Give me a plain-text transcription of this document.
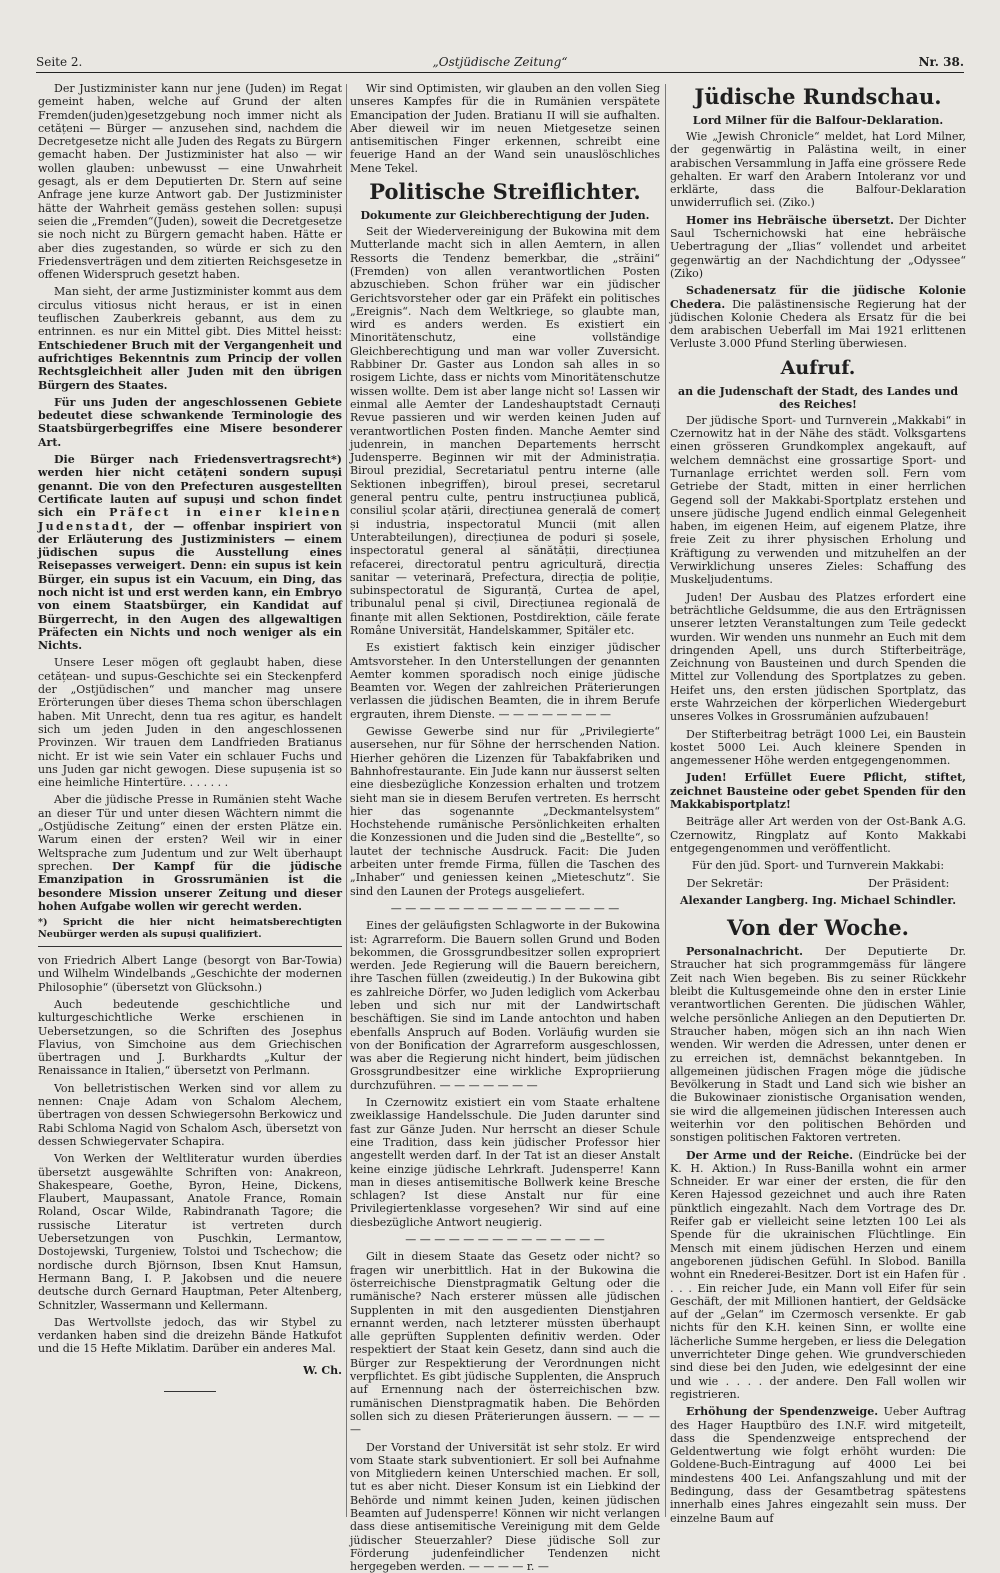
Seite 2.	„Ostjüdische Zeitung“	Nr. 38.

Der Justizminister kann nur jene (Juden) im Regat gemeint haben, welche auf Grund der alten Fremden(juden)gesetzgebung noch immer nicht als cetățeni — Bürger — anzusehen sind, nachdem die Decretgesetze nicht alle Juden des Regats zu Bürgern gemacht haben. Der Justizminister hat also — wir wollen glauben: unbewusst — eine Unwahrheit gesagt, als er dem Deputierten Dr. Stern auf seine Anfrage jene kurze Antwort gab. Der Justizminister hätte der Wahrheit gemäss gestehen sollen: supuși seien die „Fremden“(Juden), soweit die Decretgesetze sie noch nicht zu Bürgern gemacht haben. Hätte er aber dies zugestanden, so würde er sich zu den Friedensverträgen und dem zitierten Reichsgesetze in offenen Widerspruch gesetzt haben.

Man sieht, der arme Justizminister kommt aus dem circulus vitiosus nicht heraus, er ist in einen teuflischen Zauberkreis gebannt, aus dem zu entrinnen. es nur ein Mittel gibt. Dies Mittel heisst: Entschiedener Bruch mit der Vergangenheit und aufrichtiges Bekenntnis zum Princip der vollen Rechtsgleichheit aller Juden mit den übrigen Bürgern des Staates.

Für uns Juden der angeschlossenen Gebiete bedeutet diese schwankende Terminologie des Staatsbürgerbegriffes eine Misere besonderer Art.

Die Bürger nach Friedensvertragsrecht*) werden hier nicht cetățeni sondern supuși genannt. Die von den Prefecturen ausgestellten Certificate lauten auf supuși und schon findet sich ein Präfect in einer kleinen Judenstadt, der — offenbar inspiriert von der Erläuterung des Justizministers — einem jüdischen supus die Ausstellung eines Reisepasses verweigert. Denn: ein supus ist kein Bürger, ein supus ist ein Vacuum, ein Ding, das noch nicht ist und erst werden kann, ein Embryo von einem Staatsbürger, ein Kandidat auf Bürgerrecht, in den Augen des allgewaltigen Präfecten ein Nichts und noch weniger als ein Nichts.

Unsere Leser mögen oft geglaubt haben, diese cetățean- und supus-Geschichte sei ein Steckenpferd der „Ostjüdischen“ und mancher mag unsere Erörterungen über dieses Thema schon überschlagen haben. Mit Unrecht, denn tua res agitur, es handelt sich um jeden Juden in den angeschlossenen Provinzen. Wir trauen dem Landfrieden Bratianus nicht. Er ist wie sein Vater ein schlauer Fuchs und uns Juden gar nicht gewogen. Diese supușenia ist so eine heimliche Hintertüre. . . . . . .

Aber die jüdische Presse in Rumänien steht Wache an dieser Tür und unter diesen Wächtern nimmt die „Ostjüdische Zeitung“ einen der ersten Plätze ein. Warum einen der ersten? Weil wir in einer Weltsprache zum Judentum und zur Welt überhaupt sprechen. Der Kampf für die jüdische Emanzipation in Grossrumänien ist die besondere Mission unserer Zeitung und dieser hohen Aufgabe wollen wir gerecht werden.

*) Spricht die hier nicht heimatsberechtigten Neubürger werden als supuși qualifiziert.

von Friedrich Albert Lange (besorgt von Bar-Towia) und Wilhelm Windelbands „Geschichte der modernen Philosophie“ (übersetzt von Glücksohn.)

Auch bedeutende geschichtliche und kulturgeschichtliche Werke erschienen in Uebersetzungen, so die Schriften des Josephus Flavius, von Simchoine aus dem Griechischen übertragen und J. Burkhardts „Kultur der Renaissance in Italien,“ übersetzt von Perlmann.

Von belletristischen Werken sind vor allem zu nennen: Cnaje Adam von Schalom Alechem, übertragen von dessen Schwiegersohn Berkowicz und Rabi Schloma Nagid von Schalom Asch, übersetzt von dessen Schwiegervater Schapira.

Von Werken der Weltliteratur wurden überdies übersetzt ausgewählte Schriften von: Anakreon, Shakespeare, Goethe, Byron, Heine, Dickens, Flaubert, Maupassant, Anatole France, Romain Roland, Oscar Wilde, Rabindranath Tagore; die russische Literatur ist vertreten durch Uebersetzungen von Puschkin, Lermantow, Dostojewski, Turgeniew, Tolstoi und Tschechow; die nordische durch Björnson, Ibsen Knut Hamsun, Hermann Bang, I. P. Jakobsen und die neuere deutsche durch Gernard Hauptman, Peter Altenberg, Schnitzler, Wassermann und Kellermann.

Das Wertvollste jedoch, das wir Stybel zu verdanken haben sind die dreizehn Bände Hatkufot und die 15 Hefte Miklatim. Darüber ein anderes Mal.

W. Ch.

Wir sind Optimisten, wir glauben an den vollen Sieg unseres Kampfes für die in Rumänien verspätete Emancipation der Juden. Bratianu II will sie aufhalten. Aber dieweil wir im neuen Mietgesetze seinen antisemitischen Finger erkennen, schreibt eine feuerige Hand an der Wand sein unauslöschliches Mene Tekel.

Politische Streiflichter.
Dokumente zur Gleichberechtigung der Juden.

Seit der Wiedervereinigung der Bukowina mit dem Mutterlande macht sich in allen Aemtern, in allen Ressorts die Tendenz bemerkbar, die „străini“ (Fremden) von allen verantwortlichen Posten abzuschieben. Schon früher war ein jüdischer Gerichtsvorsteher oder gar ein Präfekt ein politisches „Ereignis“. Nach dem Weltkriege, so glaubte man, wird es anders werden. Es existiert ein Minoritätenschutz, eine vollständige Gleichberechtigung und man war voller Zuversicht. Rabbiner Dr. Gaster aus London sah alles in so rosigem Lichte, dass er nichts vom Minoritätenschutze wissen wollte. Dem ist aber lange nicht so! Lassen wir einmal alle Aemter der Landeshauptstadt Cernauți Revue passieren und wir werden keinen Juden auf verantwortlichen Posten finden. Manche Aemter sind judenrein, in manchen Departements herrscht Judensperre. Beginnen wir mit der Administrația. Biroul prezidial, Secretariatul pentru interne (alle Sektionen inbegriffen), biroul presei, secretarul general pentru culte, pentru instrucțiunea publică, consiliul școlar ațării, direcțiunea generală de comerț și industria, inspectoratul Muncii (mit allen Unterabteilungen), direcțiunea de poduri și șosele, inspectoratul general al sănătății, direcțiunea refacerei, directoratul pentru agricultură, direcția sanitar — veterinară, Prefectura, direcția de poliție, subinspectoratul de Siguranță, Curtea de apel, tribunalul penal și civil, Direcțiunea regională de finanțe mit allen Sektionen, Postdirektion, căile ferate Române Universität, Handelskammer, Spitäler etc.

Es existiert faktisch kein einziger jüdischer Amtsvorsteher. In den Unterstellungen der genannten Aemter kommen sporadisch noch einige jüdische Beamten vor. Wegen der zahlreichen Präterierungen verlassen die jüdischen Beamten, die in ihrem Berufe ergrauten, ihrem Dienste. — — — — — — — —

Gewisse Gewerbe sind nur für „Privilegierte“ ausersehen, nur für Söhne der herrschenden Nation. Hierher gehören die Lizenzen für Tabakfabriken und Bahnhofrestaurante. Ein Jude kann nur äusserst selten eine diesbezügliche Konzession erhalten und trotzem sieht man sie in diesem Berufen vertreten. Es herrscht hier das sogenannte „Deckmantelsystem“ Hochstehende rumänische Persönlichkeiten erhalten die Konzessionen und die Juden sind die „Bestellte“, so lautet der technische Ausdruck. Facit: Die Juden arbeiten unter fremde Firma, füllen die Taschen des „Inhaber“ und geniessen keinen „Mieteschutz“. Sie sind den Launen der Protegs ausgeliefert.

— — — — — — — — — — — — — — — —

Eines der geläufigsten Schlagworte in der Bukowina ist: Agrarreform. Die Bauern sollen Grund und Boden bekommen, die Grossgrundbesitzer sollen expropriert werden. Jede Regierung will die Bauern bereichern, ihre Taschen füllen (zweideutig.) In der Bukowina gibt es zahlreiche Dörfer, wo Juden lediglich vom Ackerbau leben und sich nur mit der Landwirtschaft beschäftigen. Sie sind im Lande antochton und haben ebenfalls Anspruch auf Boden. Vorläufig wurden sie von der Bonification der Agrarreform ausgeschlossen, was aber die Regierung nicht hindert, beim jüdischen Grossgrundbesitzer eine wirkliche Expropriierung durchzuführen. — — — — — — —

In Czernowitz existiert ein vom Staate erhaltene zweiklassige Handelsschule. Die Juden darunter sind fast zur Gänze Juden. Nur herrscht an dieser Schule eine Tradition, dass kein jüdischer Professor hier angestellt werden darf. In der Tat ist an dieser Anstalt keine einzige jüdische Lehrkraft. Judensperre! Kann man in dieses antisemitische Bollwerk keine Bresche schlagen? Ist diese Anstalt nur für eine Privilegiertenklasse vorgesehen? Wir sind auf eine diesbezügliche Antwort neugierig.

— — — — — — — — — — — — — —

Gilt in diesem Staate das Gesetz oder nicht? so fragen wir unerbittlich. Hat in der Bukowina die österreichische Dienstpragmatik Geltung oder die rumänische? Nach ersterer müssen alle jüdischen Supplenten in mit den ausgedienten Dienstjahren ernannt werden, nach letzterer müssten überhaupt alle geprüften Supplenten definitiv werden. Oder respektiert der Staat kein Gesetz, dann sind auch die Bürger zur Respektierung der Verordnungen nicht verpflichtet. Es gibt jüdische Supplenten, die Anspruch auf Ernennung nach der österreichischen bzw. rumänischen Dienstpragmatik haben. Die Behörden sollen sich zu diesen Präterierungen äussern. — — — —

Der Vorstand der Universität ist sehr stolz. Er wird vom Staate stark subventioniert. Er soll bei Aufnahme von Mitgliedern keinen Unterschied machen. Er soll, tut es aber nicht. Dieser Konsum ist ein Liebkind der Behörde und nimmt keinen Juden, keinen jüdischen Beamten auf Judensperre! Können wir nicht verlangen dass diese antisemitische Vereinigung mit dem Gelde jüdischer Steuerzahler? Diese jüdische Soll zur Förderung judenfeindlicher Tendenzen nicht hergegeben werden. — — — — r. —

Jüdische Rundschau.
Lord Milner für die Balfour-Deklaration.

Wie „Jewish Chronicle“ meldet, hat Lord Milner, der gegenwärtig in Palästina weilt, in einer arabischen Versammlung in Jaffa eine grössere Rede gehalten. Er warf den Arabern Intoleranz vor und erklärte, dass die Balfour-Deklaration unwiderruflich sei. (Ziko.)

Homer ins Hebräische übersetzt. Der Dichter Saul Tschernichowski hat eine hebräische Uebertragung der „Ilias“ vollendet und arbeitet gegenwärtig an der Nachdichtung der „Odyssee“ (Ziko)

Schadenersatz für die jüdische Kolonie Chedera. Die palästinensische Regierung hat der jüdischen Kolonie Chedera als Ersatz für die bei dem arabischen Ueberfall im Mai 1921 erlittenen Verluste 3.000 Pfund Sterling überwiesen.

Aufruf.
an die Judenschaft der Stadt, des Landes und des Reiches!

Der jüdische Sport- und Turnverein „Makkabi“ in Czernowitz hat in der Nähe des städt. Volksgartens einen grösseren Grundkomplex angekauft, auf welchem demnächst eine grossartige Sport- und Turnanlage errichtet werden soll. Fern vom Getriebe der Stadt, mitten in einer herrlichen Gegend soll der Makkabi-Sportplatz erstehen und unsere jüdische Jugend endlich einmal Gelegenheit haben, im eigenen Heim, auf eigenem Platze, ihre freie Zeit zu ihrer physischen Erholung und Kräftigung zu verwenden und mitzuhelfen an der Verwirklichung unseres Zieles: Schaffung des Muskeljudentums.

Juden! Der Ausbau des Platzes erfordert eine beträchtliche Geldsumme, die aus den Erträgnissen unserer letzten Veranstaltungen zum Teile gedeckt wurden. Wir wenden uns nunmehr an Euch mit dem dringenden Apell, uns durch Stifterbeiträge, Zeichnung von Bausteinen und durch Spenden die Mittel zur Vollendung des Sportplatzes zu geben. Heifet uns, den ersten jüdischen Sportplatz, das erste Wahrzeichen der körperlichen Wiedergeburt unseres Volkes in Grossrumänien aufzubauen!

Der Stifterbeitrag beträgt 1000 Lei, ein Baustein kostet 5000 Lei. Auch kleinere Spenden in angemessener Höhe werden entgegengenommen.

Juden! Erfüllet Euere Pflicht, stiftet, zeichnet Bausteine oder gebet Spenden für den Makkabisportplatz!

Beiträge aller Art werden von der Ost-Bank A.G. Czernowitz, Ringplatz auf Konto Makkabi entgegengenommen und veröffentlicht.

Für den jüd. Sport- und Turnverein Makkabi:

Der Sekretär:                              Der Präsident:

Alexander Langberg. Ing. Michael Schindler.

Von der Woche.

Personalnachricht. Der Deputierte Dr. Straucher hat sich programmgemäss für längere Zeit nach Wien begeben. Bis zu seiner Rückkehr bleibt die Kultusgemeinde ohne den in erster Linie verantwortlichen Gerenten. Die jüdischen Wähler, welche persönliche Anliegen an den Deputierten Dr. Straucher haben, mögen sich an ihn nach Wien wenden. Wir werden die Adressen, unter denen er zu erreichen ist, demnächst bekanntgeben. In allgemeinen jüdischen Fragen möge die jüdische Bevölkerung in Stadt und Land sich wie bisher an die Bukowinaer zionistische Organisation wenden, sie wird die allgemeinen jüdischen Interessen auch weiterhin vor den politischen Behörden und sonstigen politischen Faktoren vertreten.

Der Arme und der Reiche. (Eindrücke bei der K. H. Aktion.) In Russ-Banilla wohnt ein armer Schneider. Er war einer der ersten, die für den Keren Hajessod gezeichnet und auch ihre Raten pünktlich eingezahlt. Nach dem Vortrage des Dr. Reifer gab er vielleicht seine letzten 100 Lei als Spende für die ukrainischen Flüchtlinge. Ein Mensch mit einem jüdischen Herzen und einem angeborenen jüdischen Gefühl. In Slobod. Banilla wohnt ein Rnederei-Besitzer. Dort ist ein Hafen für . . . . Ein reicher Jude, ein Mann voll Eifer für sein Geschäft, der mit Millionen hantiert, der Geldsäcke auf der „Gelan“ im Czermosch versenkte. Er gab nichts für den K.H. keinen Sinn, er wollte eine lächerliche Summe hergeben, er liess die Delegation unverrichteter Dinge gehen. Wie grundverschieden sind diese bei den Juden, wie edelgesinnt der eine und wie . . . . der andere. Den Fall wollen wir registrieren.

Erhöhung der Spendenzweige. Ueber Auftrag des Hager Hauptbüro des I.N.F. wird mitgeteilt, dass die Spendenzweige entsprechend der Geldentwertung wie folgt erhöht wurden: Die Goldene-Buch-Eintragung auf 4000 Lei bei mindestens 400 Lei. Anfangszahlung und mit der Bedingung, dass der Gesamtbetrag spätestens innerhalb eines Jahres eingezahlt sein muss. Der einzelne Baum auf
